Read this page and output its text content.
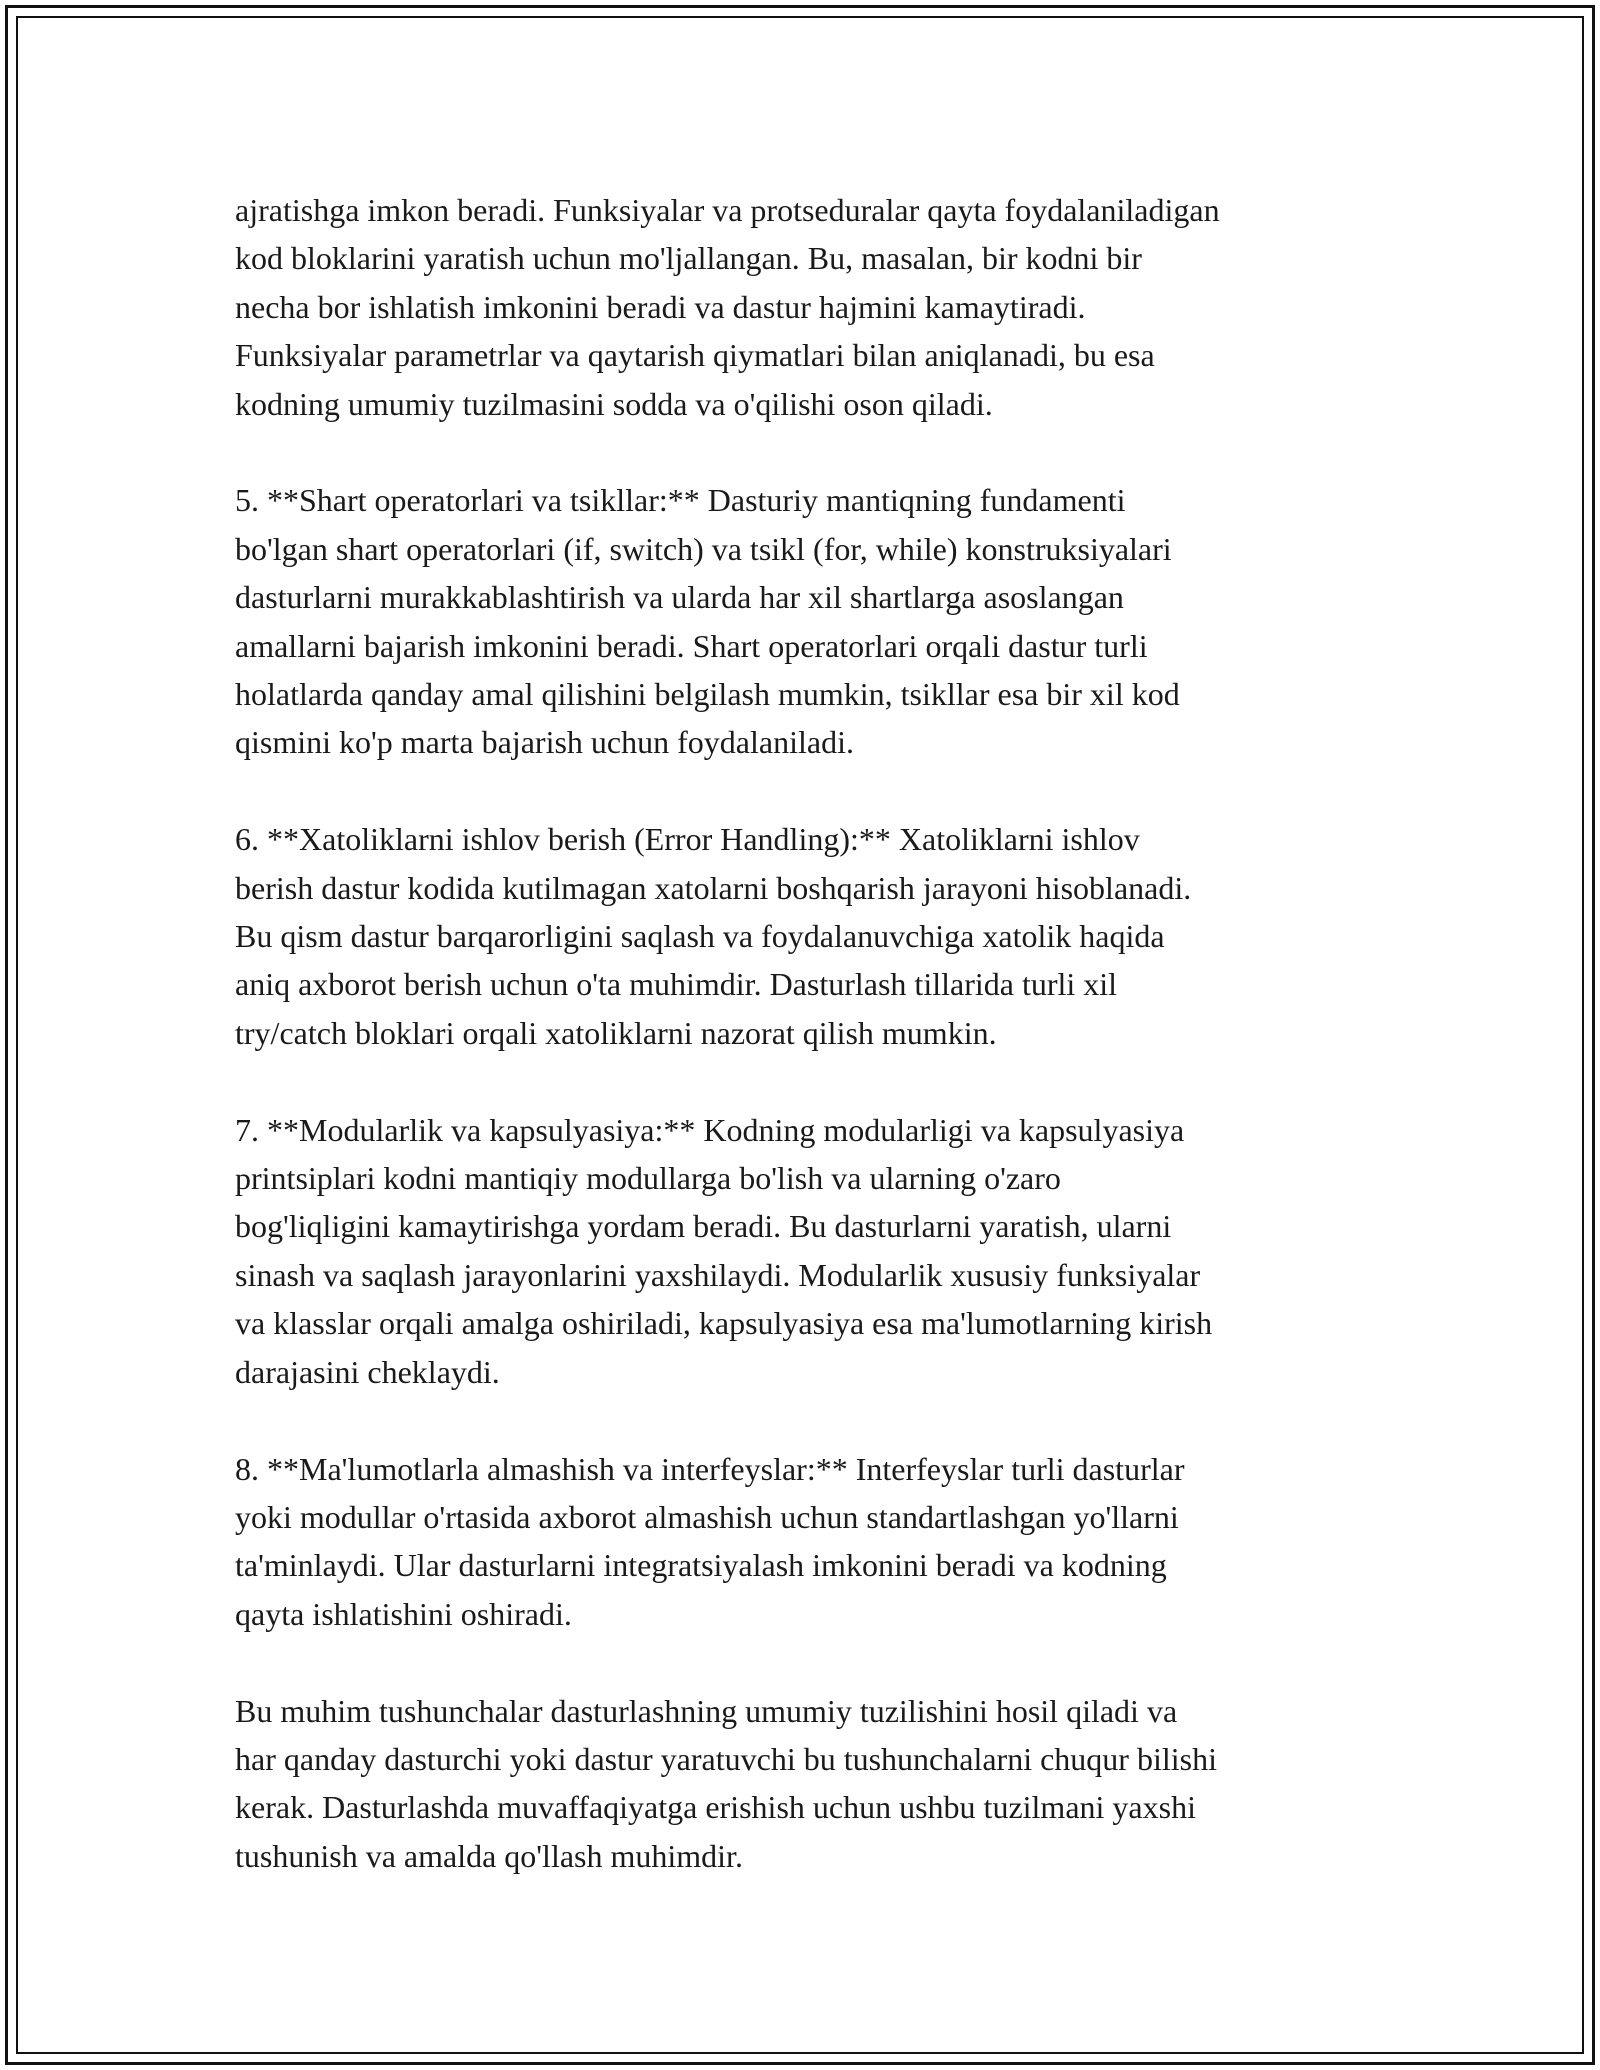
ajratishga imkon beradi. Funksiyalar va protseduralar qayta foydalaniladigan
kod bloklarini yaratish uchun mo'ljallangan. Bu, masalan, bir kodni bir
necha bor ishlatish imkonini beradi va dastur hajmini kamaytiradi.
Funksiyalar parametrlar va qaytarish qiymatlari bilan aniqlanadi, bu esa
kodning umumiy tuzilmasini sodda va o'qilishi oson qiladi.

5. **Shart operatorlari va tsikllar:** Dasturiy mantiqning fundamenti
bo'lgan shart operatorlari (if, switch) va tsikl (for, while) konstruksiyalari
dasturlarni murakkablashtirish va ularda har xil shartlarga asoslangan
amallarni bajarish imkonini beradi. Shart operatorlari orqali dastur turli
holatlarda qanday amal qilishini belgilash mumkin, tsikllar esa bir xil kod
qismini ko'p marta bajarish uchun foydalaniladi.

6. **Xatoliklarni ishlov berish (Error Handling):** Xatoliklarni ishlov
berish dastur kodida kutilmagan xatolarni boshqarish jarayoni hisoblanadi.
Bu qism dastur barqarorligini saqlash va foydalanuvchiga xatolik haqida
aniq axborot berish uchun o'ta muhimdir. Dasturlash tillarida turli xil
try/catch bloklari orqali xatoliklarni nazorat qilish mumkin.

7. **Modularlik va kapsulyasiya:** Kodning modularligi va kapsulyasiya
printsiplari kodni mantiqiy modullarga bo'lish va ularning o'zaro
bog'liqligini kamaytirishga yordam beradi. Bu dasturlarni yaratish, ularni
sinash va saqlash jarayonlarini yaxshilaydi. Modularlik xususiy funksiyalar
va klasslar orqali amalga oshiriladi, kapsulyasiya esa ma'lumotlarning kirish
darajasini cheklaydi.

8. **Ma'lumotlarla almashish va interfeyslar:** Interfeyslar turli dasturlar
yoki modullar o'rtasida axborot almashish uchun standartlashgan yo'llarni
ta'minlaydi. Ular dasturlarni integratsiyalash imkonini beradi va kodning
qayta ishlatishini oshiradi.

Bu muhim tushunchalar dasturlashning umumiy tuzilishini hosil qiladi va
har qanday dasturchi yoki dastur yaratuvchi bu tushunchalarni chuqur bilishi
kerak. Dasturlashda muvaffaqiyatga erishish uchun ushbu tuzilmani yaxshi
tushunish va amalda qo'llash muhimdir.
